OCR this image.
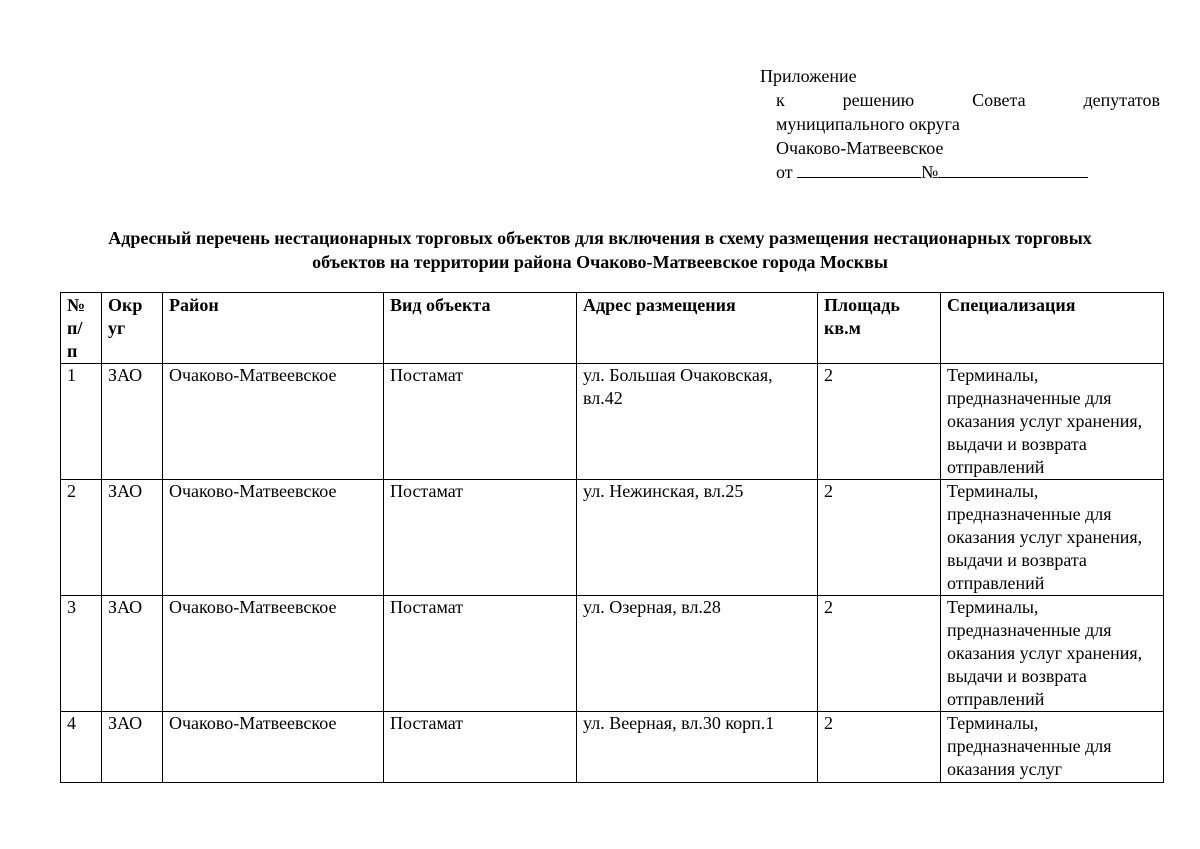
Приложение
к	решению	Совета	депутатов
муниципального округа
Очаково-Матвеевское
от	№
Адресный перечень нестационарных торговых объектов для включения в схему размещения нестационарных торговых
объектов на территории района Очаково-Матвеевское города Москвы
№ п/ п	Окр уг	Район	Вид объекта	Адрес размещения	Площадь кв.м	Специализация
1	ЗАО	Очаково-Матвеевское	Постамат	ул. Большая Очаковская, вл.42	2	Терминалы, предназначенные для оказания услуг хранения, выдачи и возврата отправлений
2	ЗАО	Очаково-Матвеевское	Постамат	ул. Нежинская, вл.25	2	Терминалы, предназначенные для оказания услуг хранения, выдачи и возврата отправлений
3	ЗАО	Очаково-Матвеевское	Постамат	ул. Озерная, вл.28	2	Терминалы, предназначенные для оказания услуг хранения, выдачи и возврата отправлений
4	ЗАО	Очаково-Матвеевское	Постамат	ул. Веерная, вл.30 корп.1	2	Терминалы, предназначенные для оказания услуг
